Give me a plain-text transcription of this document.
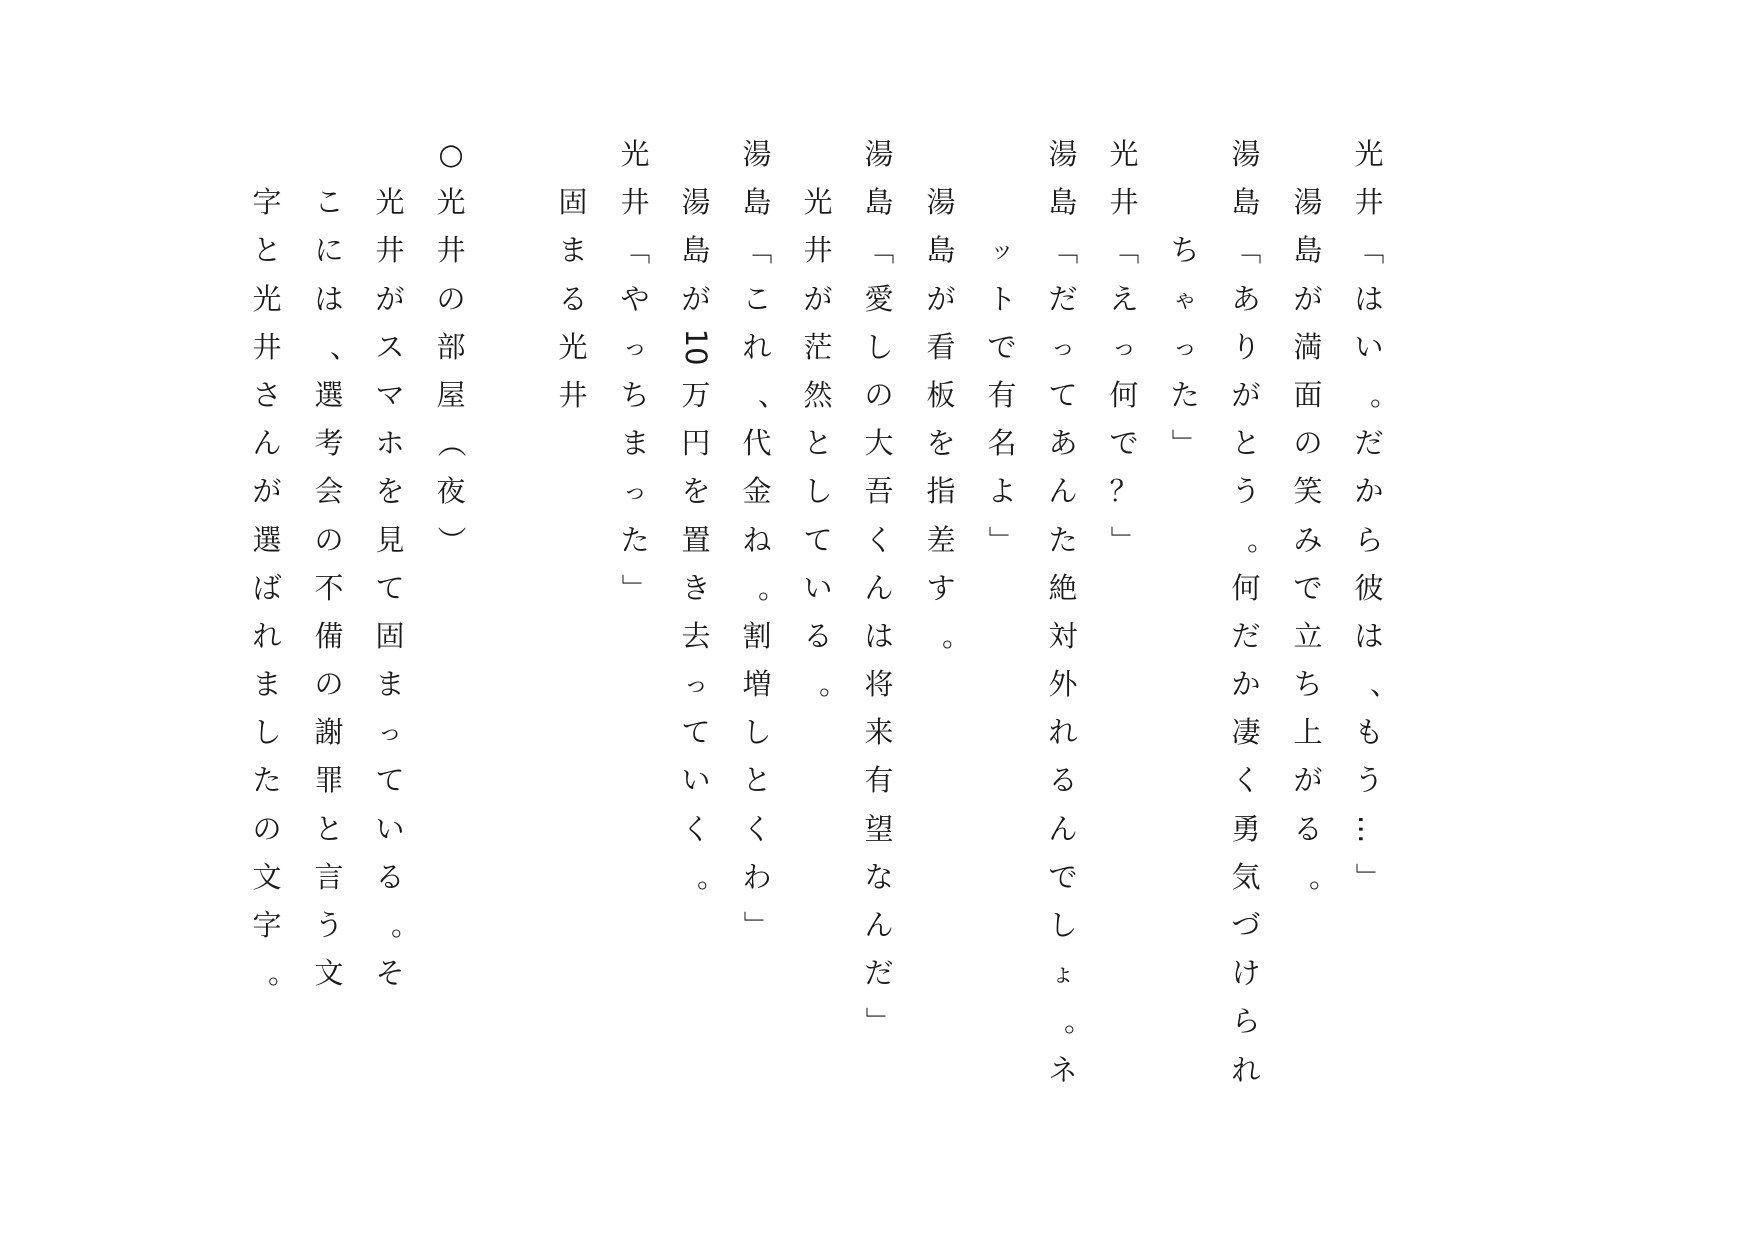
光
井
「
は
い
。
だ
か
ら
彼
は
、
も
う
…
」

湯
島
が
満
面
の
笑
み
で
立
ち
上
が
る
。
湯
島
「
あ
り
が
と
う
。
何
だ
か
凄
く
勇
気
づ
け
ら
れ

ち
ゃ
っ
た
」
光
井
「
え
っ
何
で
？
」
湯
島
「
だ
っ
て
あ
ん
た
絶
対
外
れ
る
ん
で
し
ょ
。
ネ

ッ
ト
で
有
名
よ
」

湯
島
が
看
板
を
指
差
す
。
湯
島
「
愛
し
の
大
吾
く
ん
は
将
来
有
望
な
ん
だ
」

光
井
が
茫
然
と
し
て
い
る
。
湯
島
「
こ
れ
、
代
金
ね
。
割
増
し
と
く
わ
」

湯
島
が
10
万
円
を
置
き
去
っ
て
い
く
。
光
井
「
や
っ
ち
ま
っ
た
」

固
ま
る
光
井
○
光
井
の
部
屋
（
夜
）

光
井
が
ス
マ
ホ
を
見
て
固
ま
っ
て
い
る
。
そ

こ
に
は
、
選
考
会
の
不
備
の
謝
罪
と
言
う
文

字
と
光
井
さ
ん
が
選
ば
れ
ま
し
た
の
文
字
。
